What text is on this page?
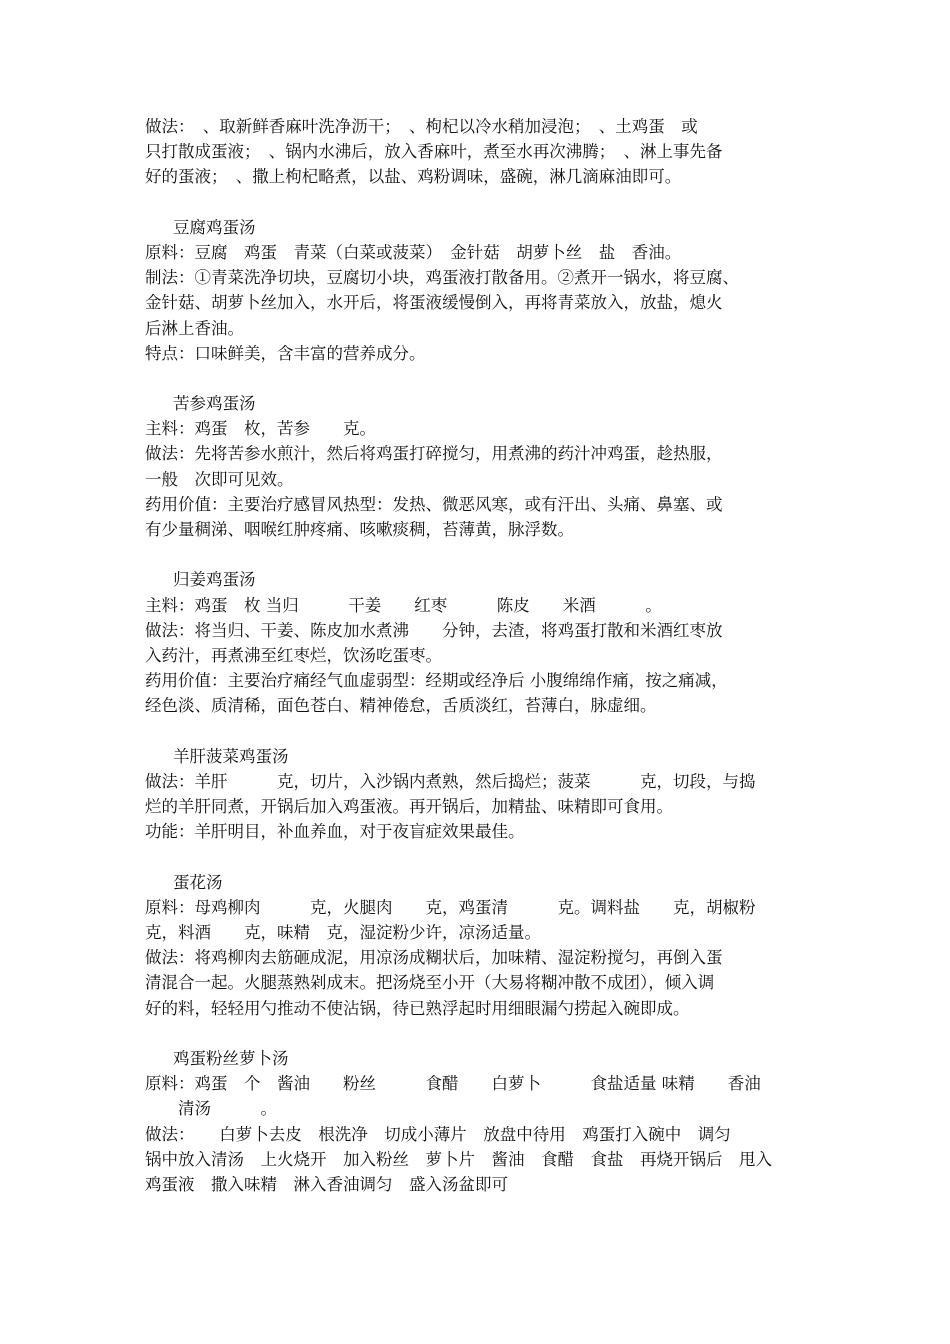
做法：　、取新鲜香麻叶洗净沥干；　、枸杞以冷水稍加浸泡；　、土鸡蛋　或
只打散成蛋液；　、锅内水沸后，放入香麻叶，煮至水再次沸腾；　、淋上事先备
好的蛋液；　、撒上枸杞略煮，以盐、鸡粉调味，盛碗，淋几滴麻油即可。
豆腐鸡蛋汤
原料：豆腐　鸡蛋　青菜（白菜或菠菜）　金针菇　胡萝卜丝　盐　香油。
制法：①青菜洗净切块，豆腐切小块，鸡蛋液打散备用。②煮开一锅水，将豆腐、
金针菇、胡萝卜丝加入，水开后，将蛋液缓慢倒入，再将青菜放入，放盐，熄火
后淋上香油。
特点：口味鲜美，含丰富的营养成分。
苦参鸡蛋汤
主料：鸡蛋　枚，苦参　　克。
做法：先将苦参水煎汁，然后将鸡蛋打碎搅匀，用煮沸的药汁冲鸡蛋，趁热服，
一般　次即可见效。
药用价值：主要治疗感冒风热型：发热、微恶风寒，或有汗出、头痛、鼻塞、或
有少量稠涕、咽喉红肿疼痛、咳嗽痰稠，苔薄黄，脉浮数。
归姜鸡蛋汤
主料：鸡蛋　枚 当归　　　干姜　　红枣　　　陈皮　　米酒　　　。
做法：将当归、干姜、陈皮加水煮沸　　分钟，去渣，将鸡蛋打散和米酒红枣放
入药汁，再煮沸至红枣烂，饮汤吃蛋枣。
药用价值：主要治疗痛经气血虚弱型：经期或经净后 小腹绵绵作痛，按之痛减，
经色淡、质清稀，面色苍白、精神倦怠，舌质淡红，苔薄白，脉虚细。
羊肝菠菜鸡蛋汤
做法：羊肝　　　克，切片，入沙锅内煮熟，然后捣烂；菠菜　　　克，切段，与捣
烂的羊肝同煮，开锅后加入鸡蛋液。再开锅后，加精盐、味精即可食用。
功能：羊肝明目，补血养血，对于夜盲症效果最佳。
蛋花汤
原料：母鸡柳肉　　　克，火腿肉　　克，鸡蛋清　　　克。调料盐　　克，胡椒粉
克，料酒　　克，味精　克，湿淀粉少许，凉汤适量。
做法：将鸡柳肉去筋砸成泥，用凉汤成糊状后，加味精、湿淀粉搅匀，再倒入蛋
清混合一起。火腿蒸熟剁成末。把汤烧至小开（大易将糊冲散不成团），倾入调
好的料，轻轻用勺推动不使沾锅，待已熟浮起时用细眼漏勺捞起入碗即成。
鸡蛋粉丝萝卜汤
原料：鸡蛋　个　酱油　　粉丝　　　食醋　　白萝卜　　　食盐适量 味精　　香油
　　清汤　　　。
做法：　　白萝卜去皮　根洗净　切成小薄片　放盘中待用　鸡蛋打入碗中　调匀
锅中放入清汤　上火烧开　加入粉丝　萝卜片　酱油　食醋　食盐　再烧开锅后　甩入
鸡蛋液　撒入味精　淋入香油调匀　盛入汤盆即可
